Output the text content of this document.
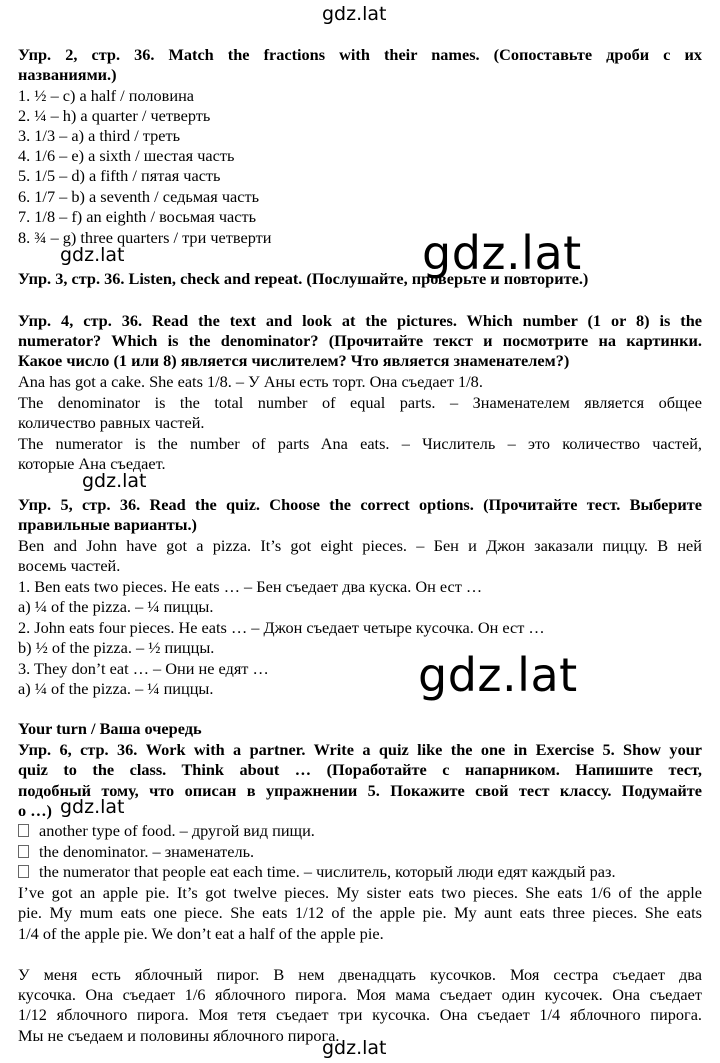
gdz.lat
gdz.lat
gdz.lat
gdz.lat
gdz.lat
gdz.lat
gdz.lat
Упр. 2, стр. 36. Match the fractions with their names. (Сопоставьте дроби с их
названиями.)
1. ½ – c) a half / половина
2. ¼ – h) a quarter / четверть
3. 1/3 – a) a third / треть
4. 1/6 – e) a sixth / шестая часть
5. 1/5 – d) a fifth / пятая часть
6. 1/7 – b) a seventh / седьмая часть
7. 1/8 – f) an eighth / восьмая часть
8. ¾ – g) three quarters / три четверти
Упр. 3, стр. 36. Listen, check and repeat. (Послушайте, проверьте и повторите.)
Упр. 4, стр. 36. Read the text and look at the pictures. Which number (1 or 8) is the
numerator? Which is the denominator? (Прочитайте текст и посмотрите на картинки.
Какое число (1 или 8) является числителем? Что является знаменателем?)
Ana has got a cake. She eats 1/8. – У Аны есть торт. Она съедает 1/8.
The denominator is the total number of equal parts. – Знаменателем является общее
количество равных частей.
The numerator is the number of parts Ana eats. – Числитель – это количество частей,
которые Ана съедает.
Упр. 5, стр. 36. Read the quiz. Choose the correct options. (Прочитайте тест. Выберите
правильные варианты.)
Ben and John have got a pizza. It’s got eight pieces. – Бен и Джон заказали пиццу. В ней
восемь частей.
1. Ben eats two pieces. He eats … – Бен съедает два куска. Он ест …
a) ¼ of the pizza. – ¼ пиццы.
2. John eats four pieces. He eats … – Джон съедает четыре кусочка. Он ест …
b) ½ of the pizza. – ½ пиццы.
3. They don’t eat … – Они не едят …
a) ¼ of the pizza. – ¼ пиццы.
Your turn / Ваша очередь
Упр. 6, стр. 36. Work with a partner. Write a quiz like the one in Exercise 5. Show your
quiz to the class. Think about … (Поработайте с напарником. Напишите тест,
подобный тому, что описан в упражнении 5. Покажите свой тест классу. Подумайте
о …)
another type of food. – другой вид пищи.
the denominator. – знаменатель.
the numerator that people eat each time. – числитель, который люди едят каждый раз.
I’ve got an apple pie. It’s got twelve pieces. My sister eats two pieces. She eats 1/6 of the apple
pie. My mum eats one piece. She eats 1/12 of the apple pie. My aunt eats three pieces. She eats
1/4 of the apple pie. We don’t eat a half of the apple pie.
У меня есть яблочный пирог. В нем двенадцать кусочков. Моя сестра съедает два
кусочка. Она съедает 1/6 яблочного пирога. Моя мама съедает один кусочек. Она съедает
1/12 яблочного пирога. Моя тетя съедает три кусочка. Она съедает 1/4 яблочного пирога.
Мы не съедаем и половины яблочного пирога.
